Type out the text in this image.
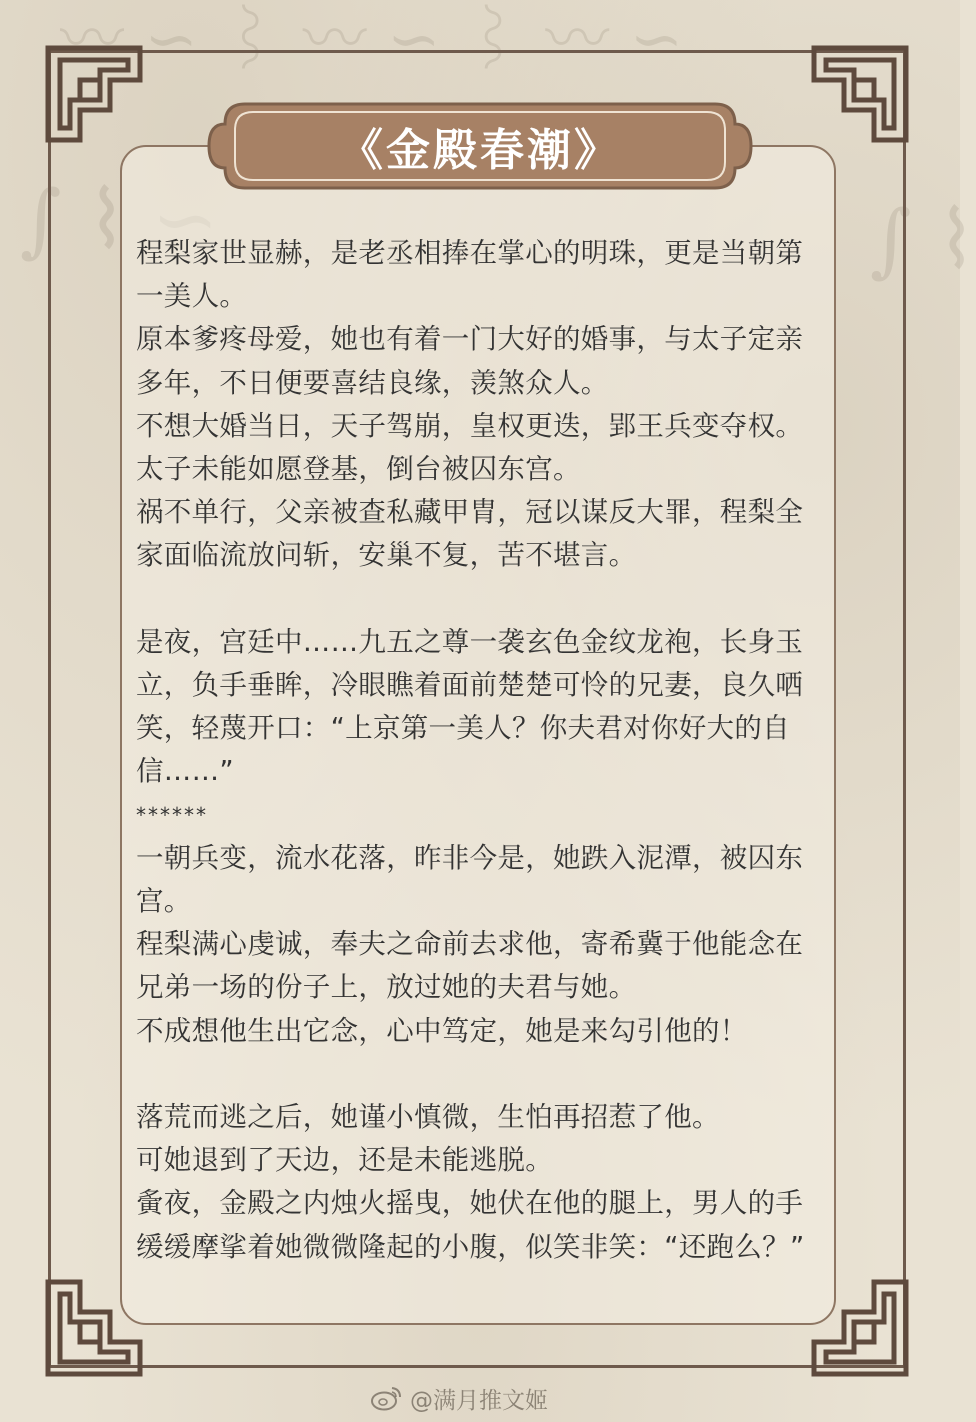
《金殿春潮》

程梨家世显赫，是老丞相捧在掌心的明珠，更是当朝第一美人。

原本爹疼母爱，她也有着一门大好的婚事，与太子定亲多年，不日便要喜结良缘，羡煞众人。

不想大婚当日，天子驾崩，皇权更迭，郢王兵变夺权。太子未能如愿登基，倒台被囚东宫。

祸不单行，父亲被查私藏甲胄，冠以谋反大罪，程梨全家面临流放问斩，安巢不复，苦不堪言。

是夜，宫廷中……九五之尊一袭玄色金纹龙袍，长身玉立，负手垂眸，冷眼瞧着面前楚楚可怜的兄妻，良久哂笑，轻蔑开口：“上京第一美人？你夫君对你好大的自信……”

******

一朝兵变，流水花落，昨非今是，她跌入泥潭，被囚东宫。

程梨满心虔诚，奉夫之命前去求他，寄希冀于他能念在兄弟一场的份子上，放过她的夫君与她。

不成想他生出它念，心中笃定，她是来勾引他的！

落荒而逃之后，她谨小慎微，生怕再招惹了他。

可她退到了天边，还是未能逃脱。

夤夜，金殿之内烛火摇曳，她伏在他的腿上，男人的手缓缓摩挲着她微微隆起的小腹，似笑非笑：“还跑么？”

@满月推文姬
